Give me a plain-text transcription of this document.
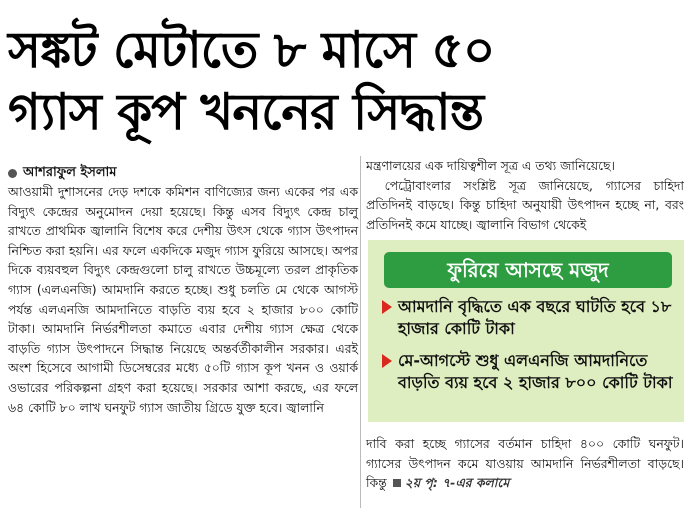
সঙ্কট মেটাতে ৮ মাসে ৫০
গ্যাস কূপ খননের সিদ্ধান্ত
আশরাফুল ইসলাম

আওয়ামী দুশাসনের দেড় দশকে কমিশন বাণিজ্যের জন্য একের পর এক বিদ্যুৎ কেন্দ্রের অনুমোদন দেয়া হয়েছে। কিন্তু এসব বিদ্যুৎ কেন্দ্র চালু রাখতে প্রাথমিক জ্বালানি বিশেষ করে দেশীয় উৎস থেকে গ্যাস উৎপাদন নিশ্চিত করা হয়নি। এর ফলে একদিকে মজুদ গ্যাস ফুরিয়ে আসছে। অপর দিকে ব্যয়বহুল বিদ্যুৎ কেন্দ্রগুলো চালু রাখতে উচ্চমূল্যে তরল প্রাকৃতিক গ্যাস (এলএনজি) আমদানি করতে হচ্ছে। শুধু চলতি মে থেকে আগস্ট পর্যন্ত এলএনজি আমদানিতে বাড়তি ব্যয় হবে ২ হাজার ৮০০ কোটি টাকা। আমদানি নির্ভরশীলতা কমাতে এবার দেশীয় গ্যাস ক্ষেত্র থেকে বাড়তি গ্যাস উৎপাদনে সিদ্ধান্ত নিয়েছে অন্তর্বর্তীকালীন সরকার। এরই অংশ হিসেবে আগামী ডিসেম্বরের মধ্যে ৫০টি গ্যাস কূপ খনন ও ওয়ার্ক ওভারের পরিকল্পনা গ্রহণ করা হয়েছে। সরকার আশা করছে, এর ফলে ৬৪ কোটি ৮০ লাখ ঘনফুট গ্যাস জাতীয় গ্রিডে যুক্ত হবে। জ্বালানি

মন্ত্রণালয়ের এক দায়িত্বশীল সূত্র এ তথ্য জানিয়েছে।

পেট্রোবাংলার সংশ্লিষ্ট সূত্র জানিয়েছে, গ্যাসের চাহিদা প্রতিদিনই বাড়ছে। কিন্তু চাহিদা অনুযায়ী উৎপাদন হচ্ছে না, বরং প্রতিদিনই কমে যাচ্ছে। জ্বালানি বিভাগ থেকেই

ফুরিয়ে আসছে মজুদ
আমদানি বৃদ্ধিতে এক বছরে ঘাটতি হবে ১৮ হাজার কোটি টাকা
মে-আগস্টে শুধু এলএনজি আমদানিতে বাড়তি ব্যয় হবে ২ হাজার ৮০০ কোটি টাকা

দাবি করা হচ্ছে গ্যাসের বর্তমান চাহিদা ৪০০ কোটি ঘনফুট। গ্যাসের উৎপাদন কমে যাওয়ায় আমদানি নির্ভরশীলতা বাড়ছে। কিন্তু ২য় পৃ: ৭-এর কলামে
